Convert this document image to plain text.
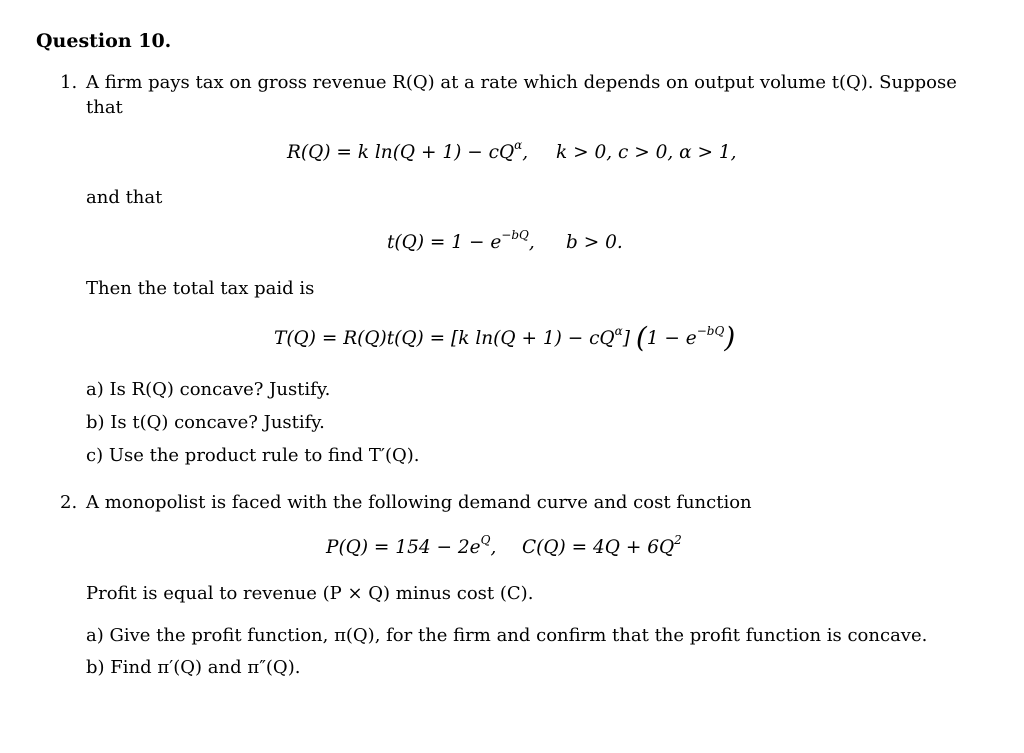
Question 10.
1. A firm pays tax on gross revenue R(Q) at a rate which depends on output volume t(Q). Suppose
that
R(Q) = k $\ln(Q + 1) - cQ^\alpha$, k > 0, c > 0, α > 1,
and that
$t(Q) = 1 - e^{-bQ}$, b > 0.
Then the total tax paid is
T(Q) = R(Q)t(Q) = [k $\ln(Q + 1) - cQ^\alpha$] $(1 - e^{-bQ})$
a) Is R(Q) concave? Justify.
b) Is t(Q) concave? Justify.
c) Use the product rule to find T′(Q).
2. A monopolist is faced with the following demand curve and cost function
$P(Q) = 154 - 2e^Q$, $C(Q) = 4Q + 6Q^2$
Profit is equal to revenue (P × Q) minus cost (C).
a) Give the profit function, π(Q), for the firm and confirm that the profit function is concave.
b) Find π′(Q) and π″(Q).
